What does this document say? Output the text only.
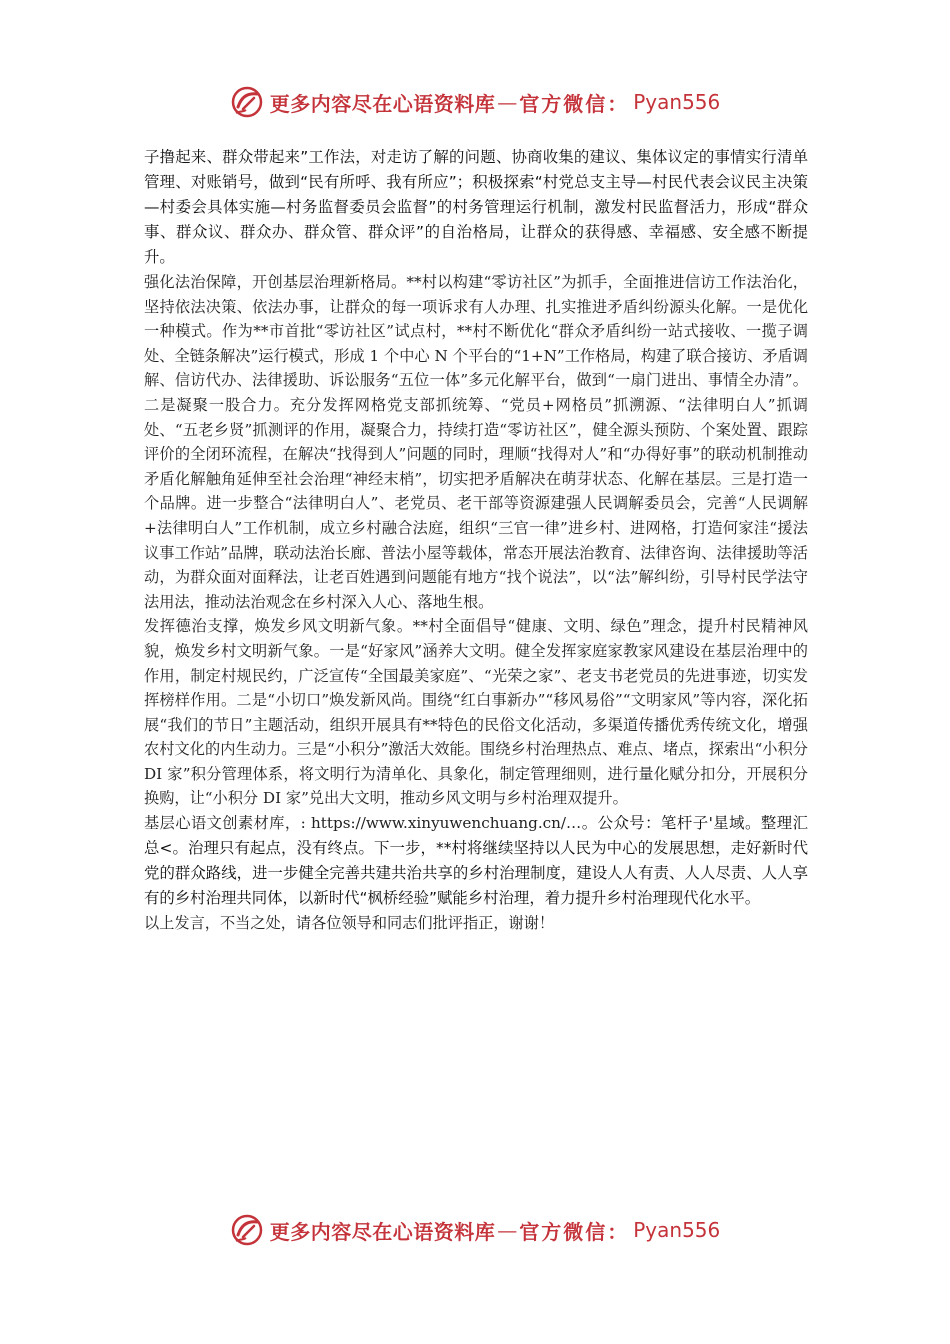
更多内容尽在心语资料库 — 官方微信： Pyan556

子撸起来、群众带起来”工作法，对走访了解的问题、协商收集的建议、集体议定的事情实行清单管理、对账销号，做到“民有所呼、我有所应”；积极探索“村党总支主导—村民代表会议民主决策—村委会具体实施—村务监督委员会监督”的村务管理运行机制，激发村民监督活力，形成“群众事、群众议、群众办、群众管、群众评”的自治格局，让群众的获得感、幸福感、安全感不断提升。

强化法治保障，开创基层治理新格局。**村以构建“零访社区”为抓手，全面推进信访工作法治化，坚持依法决策、依法办事，让群众的每一项诉求有人办理、扎实推进矛盾纠纷源头化解。一是优化一种模式。作为**市首批“零访社区”试点村，**村不断优化“群众矛盾纠纷一站式接收、一揽子调处、全链条解决”运行模式，形成 1 个中心 N 个平台的“1+N”工作格局，构建了联合接访、矛盾调解、信访代办、法律援助、诉讼服务“五位一体”多元化解平台，做到“一扇门进出、事情全办清”。二是凝聚一股合力。充分发挥网格党支部抓统筹、“党员+网格员”抓溯源、“法律明白人”抓调处、“五老乡贤”抓测评的作用，凝聚合力，持续打造“零访社区”，健全源头预防、个案处置、跟踪评价的全闭环流程，在解决“找得到人”问题的同时，理顺“找得对人”和“办得好事”的联动机制推动矛盾化解触角延伸至社会治理“神经末梢”，切实把矛盾解决在萌芽状态、化解在基层。三是打造一个品牌。进一步整合“法律明白人”、老党员、老干部等资源建强人民调解委员会，完善“人民调解+法律明白人”工作机制，成立乡村融合法庭，组织“三官一律”进乡村、进网格，打造何家洼“援法议事工作站”品牌，联动法治长廊、普法小屋等载体，常态开展法治教育、法律咨询、法律援助等活动，为群众面对面释法，让老百姓遇到问题能有地方“找个说法”，以“法”解纠纷，引导村民学法守法用法，推动法治观念在乡村深入人心、落地生根。

发挥德治支撑，焕发乡风文明新气象。**村全面倡导“健康、文明、绿色”理念，提升村民精神风貌，焕发乡村文明新气象。一是“好家风”涵养大文明。健全发挥家庭家教家风建设在基层治理中的作用，制定村规民约，广泛宣传“全国最美家庭”、“光荣之家”、老支书老党员的先进事迹，切实发挥榜样作用。二是“小切口”焕发新风尚。围绕“红白事新办”“移风易俗”“文明家风”等内容，深化拓展“我们的节日”主题活动，组织开展具有**特色的民俗文化活动，多渠道传播优秀传统文化，增强农村文化的内生动力。三是“小积分”激活大效能。围绕乡村治理热点、难点、堵点，探索出“小积分 DI 家”积分管理体系，将文明行为清单化、具象化，制定管理细则，进行量化赋分扣分，开展积分换购，让“小积分 DI 家”兑出大文明，推动乡风文明与乡村治理双提升。

基层心语文创素材库，: https://www.xinyuwenchuang.cn/…。公众号：笔杆子'星域。整理汇总<。治理只有起点，没有终点。下一步，**村将继续坚持以人民为中心的发展思想，走好新时代党的群众路线，进一步健全完善共建共治共享的乡村治理制度，建设人人有责、人人尽责、人人享有的乡村治理共同体，以新时代“枫桥经验”赋能乡村治理，着力提升乡村治理现代化水平。

以上发言，不当之处，请各位领导和同志们批评指正，谢谢！

更多内容尽在心语资料库 — 官方微信： Pyan556
